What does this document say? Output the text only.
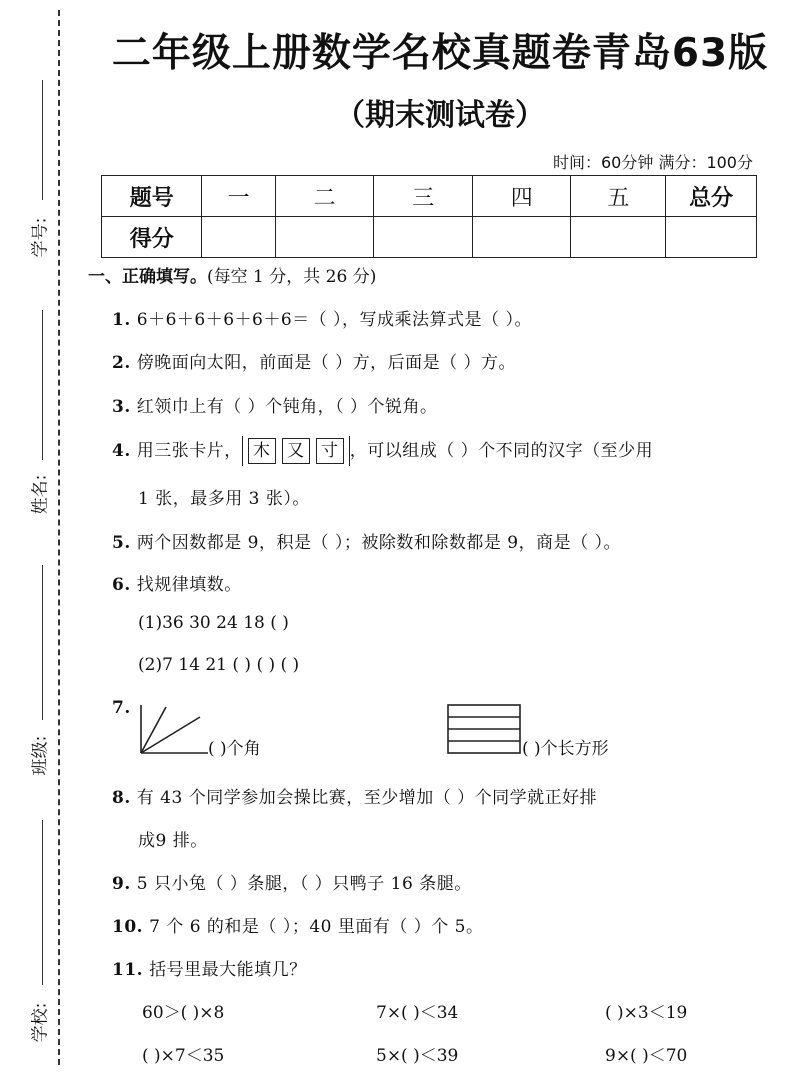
学号:
姓名:
班级:
学校:
二年级上册数学名校真题卷青岛63版
（期末测试卷）
时间：60分钟 满分：100分
题号	一	二	三	四	五	总分
得分						
一、正确填写。(每空 1 分，共 26 分)
1. 6＋6＋6＋6＋6＋6＝（ ），写成乘法算式是（ ）。
2. 傍晚面向太阳，前面是（ ）方，后面是（ ）方。
3. 红领巾上有（ ）个钝角，（ ）个锐角。
4. 用三张卡片， 木 又 寸 ，可以组成（ ）个不同的汉字（至少用
1 张，最多用 3 张）。
5. 两个因数都是 9，积是（ ）；被除数和除数都是 9，商是（ ）。
6. 找规律填数。
(1)36 30 24 18 ( )
(2)7 14 21 ( ) ( ) ( )
7.
( )个角	( )个长方形
8. 有 43 个同学参加会操比赛，至少增加（ ）个同学就正好排
成9 排。
9. 5 只小兔（ ）条腿，（ ）只鸭子 16 条腿。
10. 7 个 6 的和是（ ）；40 里面有（ ）个 5。
11. 括号里最大能填几？
60＞( )×8	7×( )＜34	( )×3＜19
( )×7＜35	5×( )＜39	9×( )＜70
